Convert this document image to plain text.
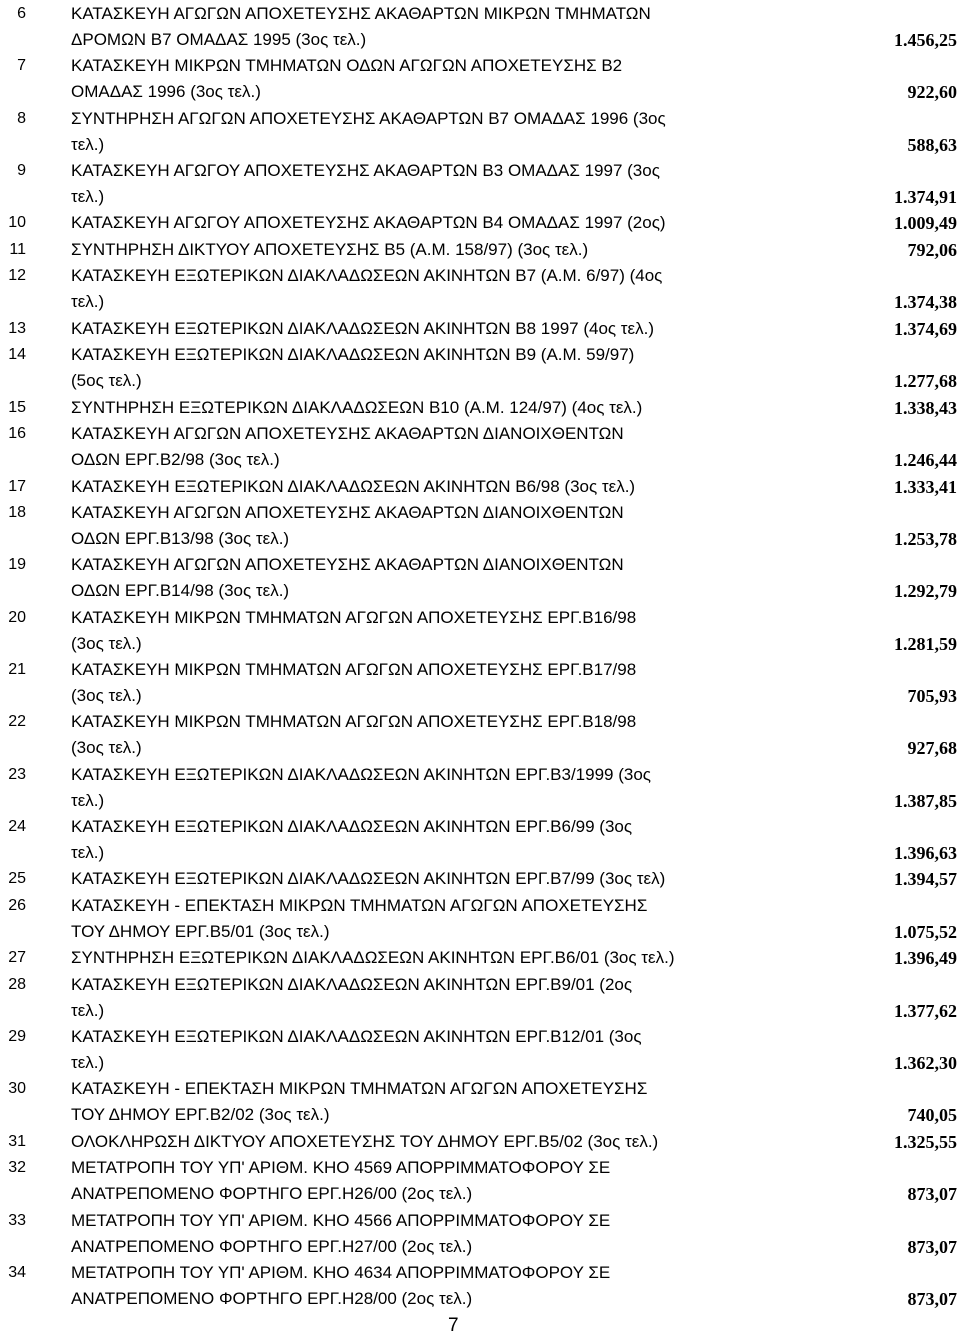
6	ΚΑΤΑΣΚΕΥΗ ΑΓΩΓΩΝ ΑΠΟΧΕΤΕΥΣΗΣ ΑΚΑΘΑΡΤΩΝ ΜΙΚΡΩΝ ΤΜΗΜΑΤΩΝ
ΔΡΟΜΩΝ Β7 ΟΜΑΔΑΣ 1995 (3ος τελ.)	1.456,25
7	ΚΑΤΑΣΚΕΥΗ ΜΙΚΡΩΝ ΤΜΗΜΑΤΩΝ ΟΔΩΝ ΑΓΩΓΩΝ ΑΠΟΧΕΤΕΥΣΗΣ Β2
ΟΜΑΔΑΣ 1996 (3ος τελ.)	922,60
8	ΣΥΝΤΗΡΗΣΗ ΑΓΩΓΩΝ ΑΠΟΧΕΤΕΥΣΗΣ ΑΚΑΘΑΡΤΩΝ Β7 ΟΜΑΔΑΣ 1996 (3ος
τελ.)	588,63
9	ΚΑΤΑΣΚΕΥΗ ΑΓΩΓΟΥ ΑΠΟΧΕΤΕΥΣΗΣ ΑΚΑΘΑΡΤΩΝ Β3 ΟΜΑΔΑΣ 1997 (3ος
τελ.)	1.374,91
10	ΚΑΤΑΣΚΕΥΗ ΑΓΩΓΟΥ ΑΠΟΧΕΤΕΥΣΗΣ ΑΚΑΘΑΡΤΩΝ Β4 ΟΜΑΔΑΣ 1997 (2ος)	1.009,49
11	ΣΥΝΤΗΡΗΣΗ ΔΙΚΤΥΟΥ ΑΠΟΧΕΤΕΥΣΗΣ Β5 (Α.Μ. 158/97) (3ος τελ.)	792,06
12	ΚΑΤΑΣΚΕΥΗ ΕΞΩΤΕΡΙΚΩΝ ΔΙΑΚΛΑΔΩΣΕΩΝ ΑΚΙΝΗΤΩΝ Β7 (Α.Μ. 6/97) (4ος
τελ.)	1.374,38
13	ΚΑΤΑΣΚΕΥΗ ΕΞΩΤΕΡΙΚΩΝ ΔΙΑΚΛΑΔΩΣΕΩΝ ΑΚΙΝΗΤΩΝ Β8 1997 (4ος τελ.)	1.374,69
14	ΚΑΤΑΣΚΕΥΗ ΕΞΩΤΕΡΙΚΩΝ ΔΙΑΚΛΑΔΩΣΕΩΝ ΑΚΙΝΗΤΩΝ Β9 (Α.Μ. 59/97)
(5ος τελ.)	1.277,68
15	ΣΥΝΤΗΡΗΣΗ ΕΞΩΤΕΡΙΚΩΝ ΔΙΑΚΛΑΔΩΣΕΩΝ Β10 (Α.Μ. 124/97) (4ος τελ.)	1.338,43
16	ΚΑΤΑΣΚΕΥΗ ΑΓΩΓΩΝ ΑΠΟΧΕΤΕΥΣΗΣ ΑΚΑΘΑΡΤΩΝ ΔΙΑΝΟΙΧΘΕΝΤΩΝ
ΟΔΩΝ ΕΡΓ.Β2/98 (3ος τελ.)	1.246,44
17	ΚΑΤΑΣΚΕΥΗ ΕΞΩΤΕΡΙΚΩΝ ΔΙΑΚΛΑΔΩΣΕΩΝ ΑΚΙΝΗΤΩΝ Β6/98 (3ος τελ.)	1.333,41
18	ΚΑΤΑΣΚΕΥΗ ΑΓΩΓΩΝ ΑΠΟΧΕΤΕΥΣΗΣ ΑΚΑΘΑΡΤΩΝ ΔΙΑΝΟΙΧΘΕΝΤΩΝ
ΟΔΩΝ ΕΡΓ.Β13/98 (3ος τελ.)	1.253,78
19	ΚΑΤΑΣΚΕΥΗ ΑΓΩΓΩΝ ΑΠΟΧΕΤΕΥΣΗΣ ΑΚΑΘΑΡΤΩΝ ΔΙΑΝΟΙΧΘΕΝΤΩΝ
ΟΔΩΝ ΕΡΓ.Β14/98 (3ος τελ.)	1.292,79
20	ΚΑΤΑΣΚΕΥΗ ΜΙΚΡΩΝ ΤΜΗΜΑΤΩΝ ΑΓΩΓΩΝ ΑΠΟΧΕΤΕΥΣΗΣ ΕΡΓ.Β16/98
(3ος τελ.)	1.281,59
21	ΚΑΤΑΣΚΕΥΗ ΜΙΚΡΩΝ ΤΜΗΜΑΤΩΝ ΑΓΩΓΩΝ ΑΠΟΧΕΤΕΥΣΗΣ ΕΡΓ.Β17/98
(3ος τελ.)	705,93
22	ΚΑΤΑΣΚΕΥΗ ΜΙΚΡΩΝ ΤΜΗΜΑΤΩΝ ΑΓΩΓΩΝ ΑΠΟΧΕΤΕΥΣΗΣ ΕΡΓ.Β18/98
(3ος τελ.)	927,68
23	ΚΑΤΑΣΚΕΥΗ ΕΞΩΤΕΡΙΚΩΝ ΔΙΑΚΛΑΔΩΣΕΩΝ ΑΚΙΝΗΤΩΝ ΕΡΓ.Β3/1999 (3ος
τελ.)	1.387,85
24	ΚΑΤΑΣΚΕΥΗ ΕΞΩΤΕΡΙΚΩΝ ΔΙΑΚΛΑΔΩΣΕΩΝ ΑΚΙΝΗΤΩΝ ΕΡΓ.Β6/99 (3ος
τελ.)	1.396,63
25	ΚΑΤΑΣΚΕΥΗ ΕΞΩΤΕΡΙΚΩΝ ΔΙΑΚΛΑΔΩΣΕΩΝ ΑΚΙΝΗΤΩΝ ΕΡΓ.Β7/99 (3ος τελ)	1.394,57
26	ΚΑΤΑΣΚΕΥΗ - ΕΠΕΚΤΑΣΗ ΜΙΚΡΩΝ ΤΜΗΜΑΤΩΝ ΑΓΩΓΩΝ ΑΠΟΧΕΤΕΥΣΗΣ
ΤΟΥ ΔΗΜΟΥ ΕΡΓ.Β5/01 (3ος τελ.)	1.075,52
27	ΣΥΝΤΗΡΗΣΗ ΕΞΩΤΕΡΙΚΩΝ ΔΙΑΚΛΑΔΩΣΕΩΝ ΑΚΙΝΗΤΩΝ ΕΡΓ.Β6/01 (3ος τελ.)	1.396,49
28	ΚΑΤΑΣΚΕΥΗ ΕΞΩΤΕΡΙΚΩΝ ΔΙΑΚΛΑΔΩΣΕΩΝ ΑΚΙΝΗΤΩΝ ΕΡΓ.Β9/01 (2ος
τελ.)	1.377,62
29	ΚΑΤΑΣΚΕΥΗ ΕΞΩΤΕΡΙΚΩΝ ΔΙΑΚΛΑΔΩΣΕΩΝ ΑΚΙΝΗΤΩΝ ΕΡΓ.Β12/01 (3ος
τελ.)	1.362,30
30	ΚΑΤΑΣΚΕΥΗ - ΕΠΕΚΤΑΣΗ ΜΙΚΡΩΝ ΤΜΗΜΑΤΩΝ ΑΓΩΓΩΝ ΑΠΟΧΕΤΕΥΣΗΣ
ΤΟΥ ΔΗΜΟΥ ΕΡΓ.Β2/02 (3ος τελ.)	740,05
31	ΟΛΟΚΛΗΡΩΣΗ ΔΙΚΤΥΟΥ ΑΠΟΧΕΤΕΥΣΗΣ ΤΟΥ ΔΗΜΟΥ ΕΡΓ.Β5/02 (3ος τελ.)	1.325,55
32	ΜΕΤΑΤΡΟΠΗ ΤΟΥ ΥΠ' ΑΡΙΘΜ. ΚΗΟ 4569 ΑΠΟΡΡΙΜΜΑΤΟΦΟΡΟΥ ΣΕ
ΑΝΑΤΡΕΠΟΜΕΝΟ ΦΟΡΤΗΓΟ ΕΡΓ.Η26/00 (2ος τελ.)	873,07
33	ΜΕΤΑΤΡΟΠΗ ΤΟΥ ΥΠ' ΑΡΙΘΜ. ΚΗΟ 4566 ΑΠΟΡΡΙΜΜΑΤΟΦΟΡΟΥ ΣΕ
ΑΝΑΤΡΕΠΟΜΕΝΟ ΦΟΡΤΗΓΟ ΕΡΓ.Η27/00 (2ος τελ.)	873,07
34	ΜΕΤΑΤΡΟΠΗ ΤΟΥ ΥΠ' ΑΡΙΘΜ. ΚΗΟ 4634 ΑΠΟΡΡΙΜΜΑΤΟΦΟΡΟΥ ΣΕ
ΑΝΑΤΡΕΠΟΜΕΝΟ ΦΟΡΤΗΓΟ ΕΡΓ.Η28/00 (2ος τελ.)	873,07
7
